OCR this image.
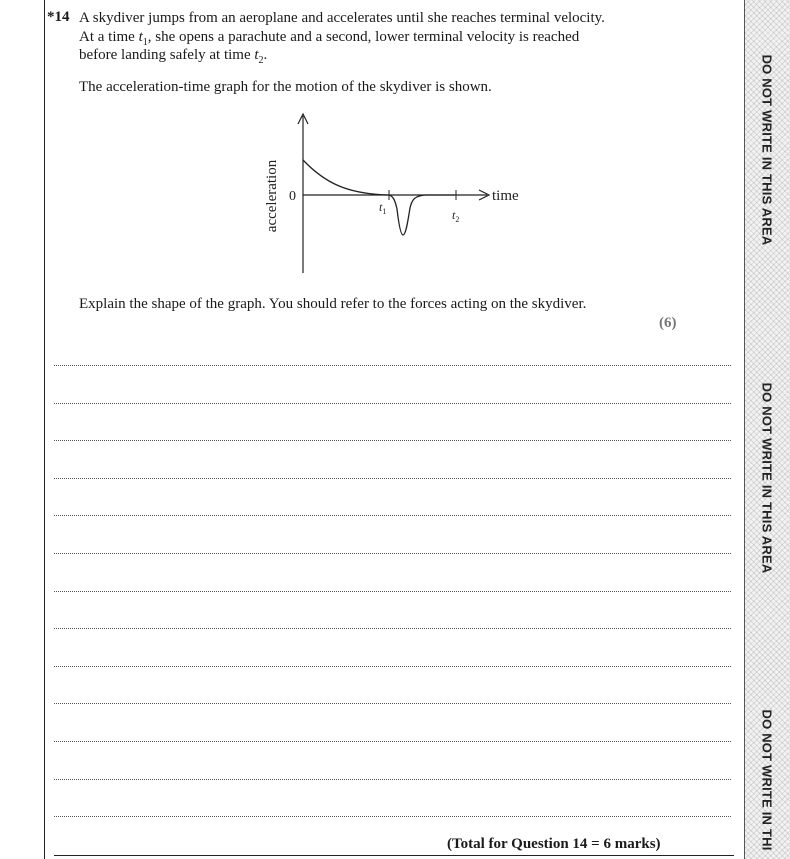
*14 A skydiver jumps from an aeroplane and accelerates until she reaches terminal velocity.
At a time $t_1$, she opens a parachute and a second, lower terminal velocity is reached
before landing safely at time $t_2$.
The acceleration-time graph for the motion of the skydiver is shown.
0	time
acceleration	$t_1$	$t_2$
Explain the shape of the graph. You should refer to the forces acting on the skydiver.
(6)
(Total for Question 14 = 6 marks)
DO NOT WRITE IN THIS AREA
DO NOT WRITE IN THIS AREA
DO NOT WRITE IN THI
